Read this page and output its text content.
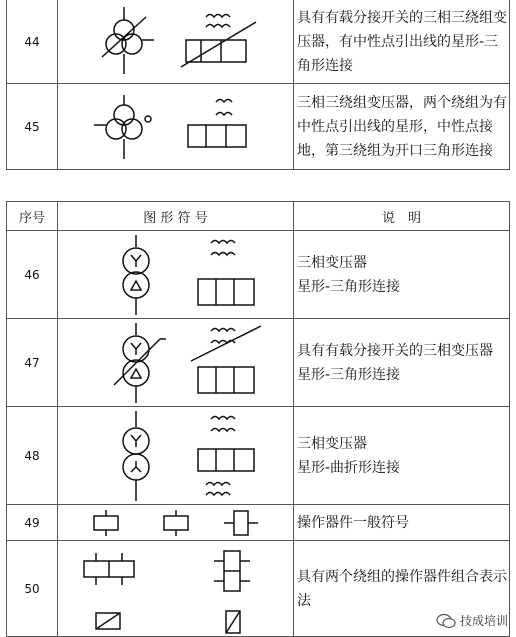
44		具有有载分接开关的三相三绕组变
压器，有中性点引出线的星形-三
角形连接

45		三相三绕组变压器，两个绕组为有
中性点引出线的星形，中性点接
地，第三绕组为开口三角形连接
序号	图 形 符 号	说　明
46		三相变压器
星形-三角形连接

47		具有有载分接开关的三相变压器
星形-三角形连接

48		三相变压器
星形-曲折形连接

49		操作器件一般符号

50		具有两个绕组的操作器件组合表示
法
技成培训
